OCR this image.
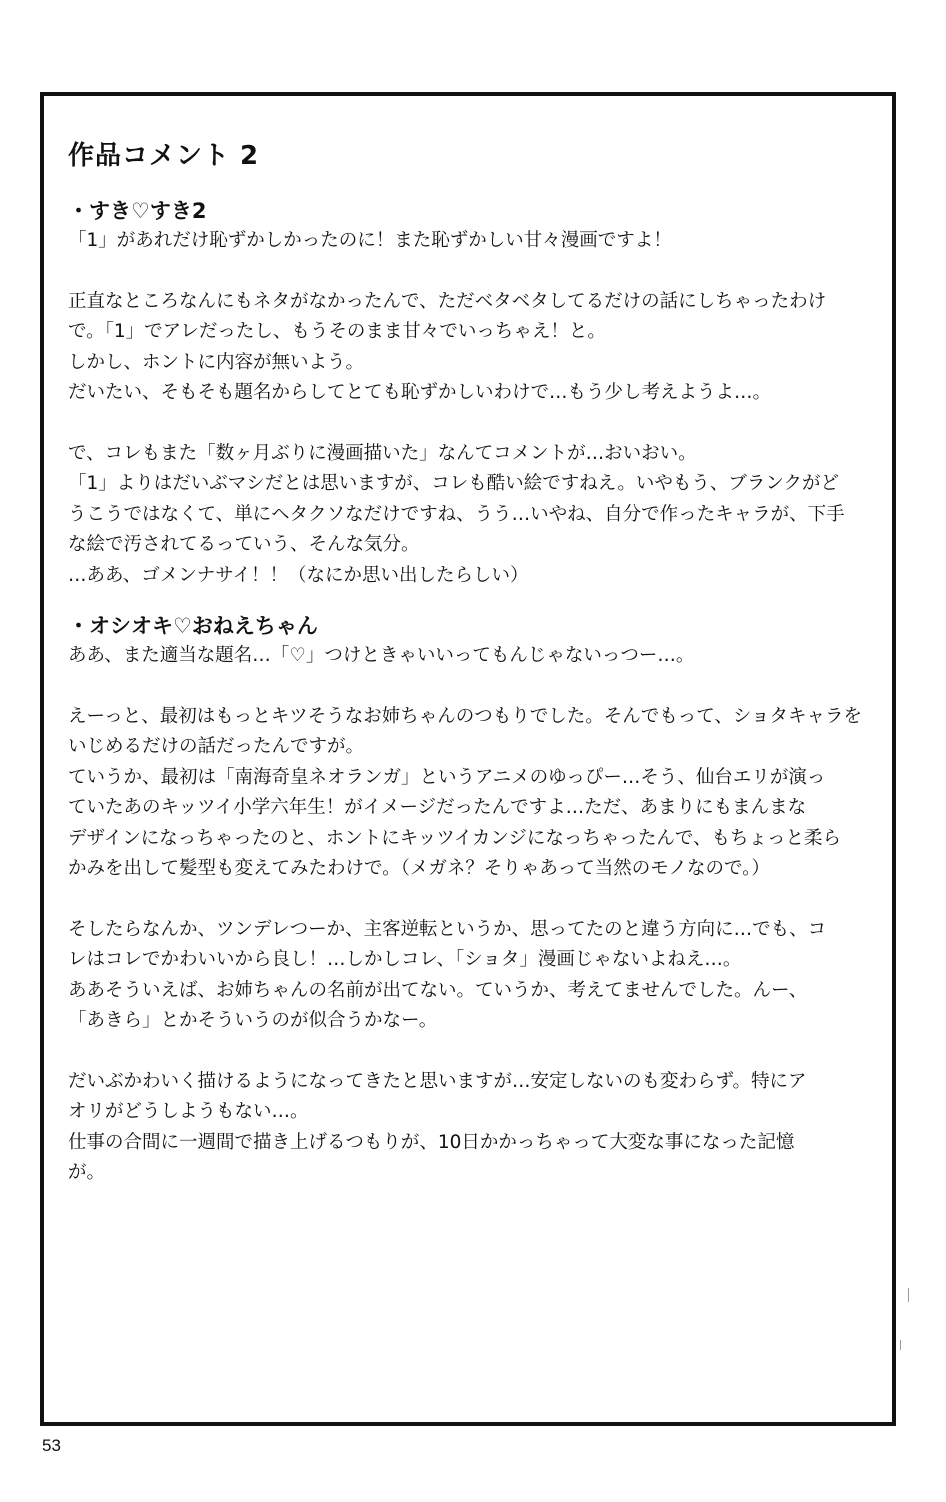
作品コメント 2
・すき♡すき2

「1」があれだけ恥ずかしかったのに！また恥ずかしい甘々漫画ですよ！

正直なところなんにもネタがなかったんで、ただベタベタしてるだけの話にしちゃったわけ
で。「1」でアレだったし、もうそのまま甘々でいっちゃえ！と。
しかし、ホントに内容が無いよう。
だいたい、そもそも題名からしてとても恥ずかしいわけで…もう少し考えようよ…。

で、コレもまた「数ヶ月ぶりに漫画描いた」なんてコメントが…おいおい。
「1」よりはだいぶマシだとは思いますが、コレも酷い絵ですねえ。いやもう、ブランクがど
うこうではなくて、単にヘタクソなだけですね、うう…いやね、自分で作ったキャラが、下手
な絵で汚されてるっていう、そんな気分。
…ああ、ゴメンナサイ！！（なにか思い出したらしい）

・オシオキ♡おねえちゃん

ああ、また適当な題名…「♡」つけときゃいいってもんじゃないっつー…。

えーっと、最初はもっとキツそうなお姉ちゃんのつもりでした。そんでもって、ショタキャラを
いじめるだけの話だったんですが。
ていうか、最初は「南海奇皇ネオランガ」というアニメのゆっぴー…そう、仙台エリが演っ
ていたあのキッツイ小学六年生！がイメージだったんですよ…ただ、あまりにもまんまな
デザインになっちゃったのと、ホントにキッツイカンジになっちゃったんで、もちょっと柔ら
かみを出して髪型も変えてみたわけで。（メガネ？そりゃあって当然のモノなので。）

そしたらなんか、ツンデレつーか、主客逆転というか、思ってたのと違う方向に…でも、コ
レはコレでかわいいから良し！…しかしコレ、「ショタ」漫画じゃないよねえ…。
ああそういえば、お姉ちゃんの名前が出てない。ていうか、考えてませんでした。んー、
「あきら」とかそういうのが似合うかなー。

だいぶかわいく描けるようになってきたと思いますが…安定しないのも変わらず。特にア
オリがどうしようもない…。
仕事の合間に一週間で描き上げるつもりが、10日かかっちゃって大変な事になった記憶
が。

53
